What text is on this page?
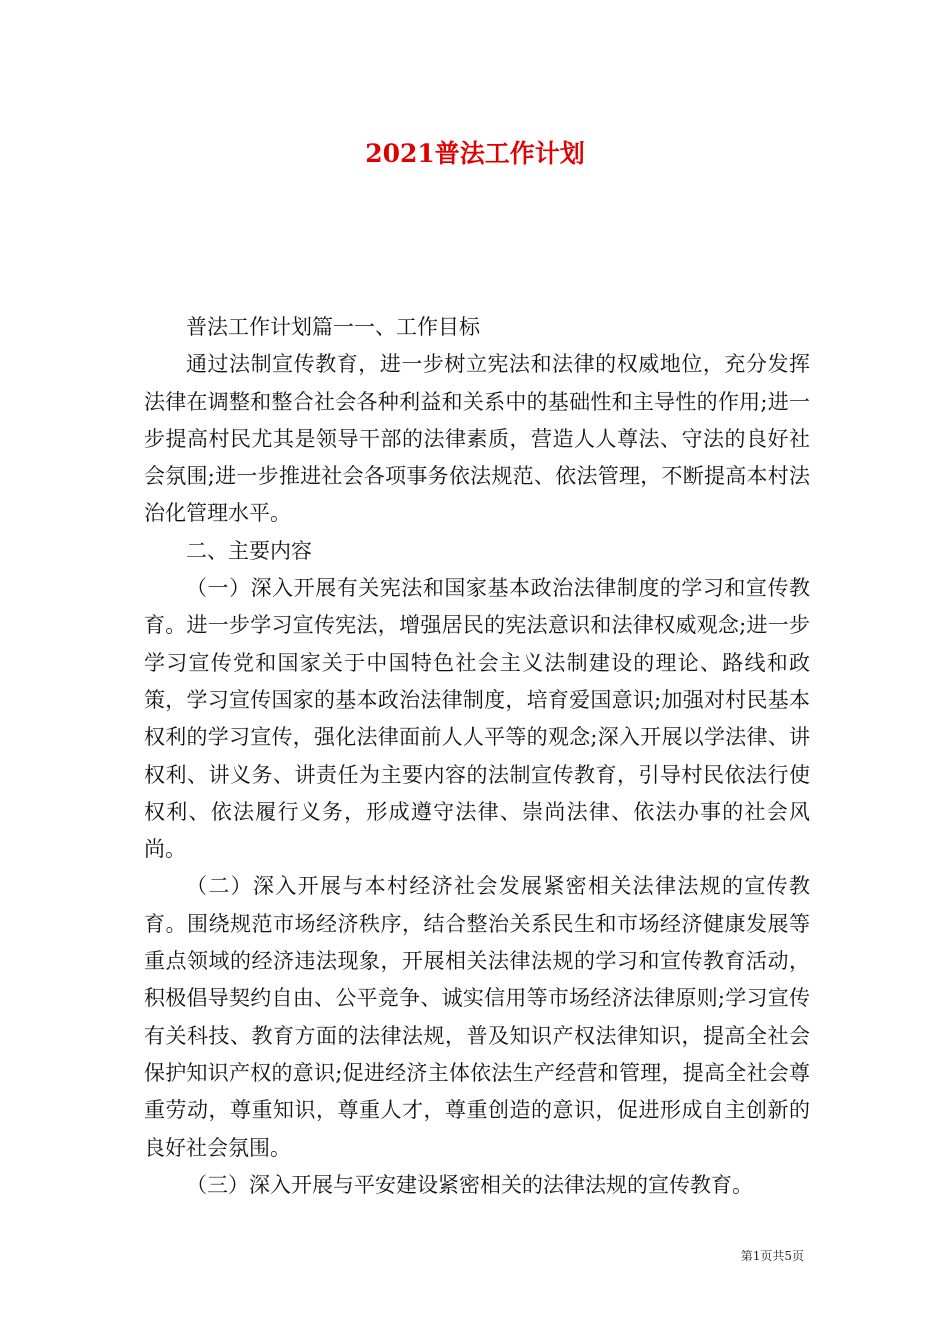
2021普法工作计划

普法工作计划篇一一、工作目标

通过法制宣传教育，进一步树立宪法和法律的权威地位，充分发挥法律在调整和整合社会各种利益和关系中的基础性和主导性的作用;进一步提高村民尤其是领导干部的法律素质，营造人人尊法、守法的良好社会氛围;进一步推进社会各项事务依法规范、依法管理，不断提高本村法治化管理水平。

二、主要内容

（一）深入开展有关宪法和国家基本政治法律制度的学习和宣传教育。进一步学习宣传宪法，增强居民的宪法意识和法律权威观念;进一步学习宣传党和国家关于中国特色社会主义法制建设的理论、路线和政策，学习宣传国家的基本政治法律制度，培育爱国意识;加强对村民基本权利的学习宣传，强化法律面前人人平等的观念;深入开展以学法律、讲权利、讲义务、讲责任为主要内容的法制宣传教育，引导村民依法行使权利、依法履行义务，形成遵守法律、崇尚法律、依法办事的社会风尚。

（二）深入开展与本村经济社会发展紧密相关法律法规的宣传教育。围绕规范市场经济秩序，结合整治关系民生和市场经济健康发展等重点领域的经济违法现象，开展相关法律法规的学习和宣传教育活动，积极倡导契约自由、公平竞争、诚实信用等市场经济法律原则;学习宣传有关科技、教育方面的法律法规，普及知识产权法律知识，提高全社会保护知识产权的意识;促进经济主体依法生产经营和管理，提高全社会尊重劳动，尊重知识，尊重人才，尊重创造的意识，促进形成自主创新的良好社会氛围。

（三）深入开展与平安建设紧密相关的法律法规的宣传教育。

第1页共5页
